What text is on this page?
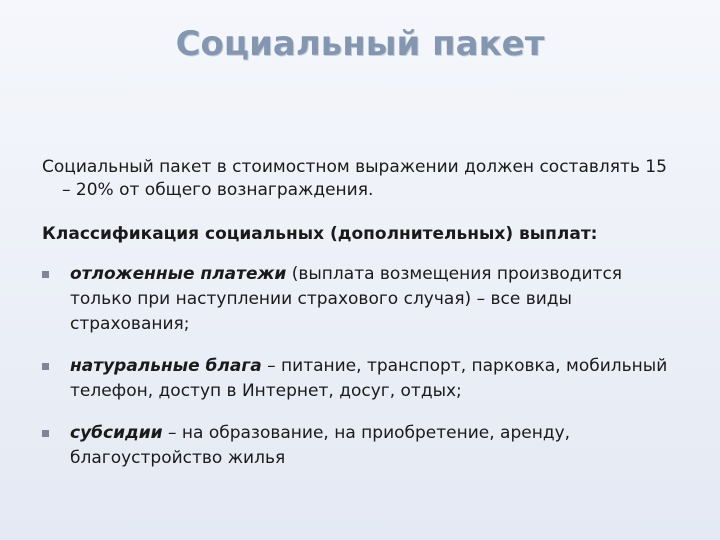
Социальный пакет
Социальный пакет в стоимостном выражении должен составлять 15
– 20% от общего вознаграждения.
Классификация социальных (дополнительных) выплат:
отложенные платежи (выплата возмещения производится только при наступлении страхового случая) – все виды страхования;
натуральные блага – питание, транспорт, парковка, мобильный телефон, доступ в Интернет, досуг, отдых;
субсидии – на образование, на приобретение, аренду, благоустройство жилья
